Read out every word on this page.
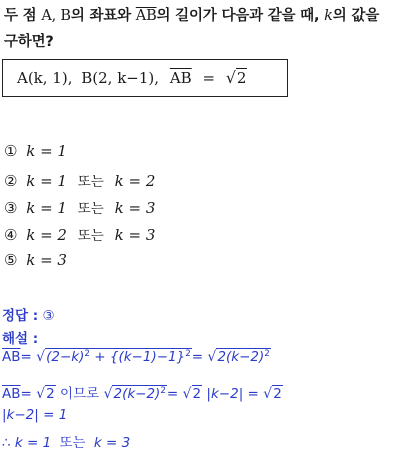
두 점 A, B의 좌표와 $\overline{AB}$의 길이가 다음과 같을 때, k의 값을
구하면?
A(k, 1), B(2, k−1), $\overline{AB} = √2$
① k = 1
② k = 1 또는 k = 2
③ k = 1 또는 k = 3
④ k = 2 또는 k = 3
⑤ k = 3
정답 : ③
해설 :
$\overline{AB}= √(2-k)^2 + \{(k-1)-1\}^2= √2(k-2)^2$
$\overline{AB}= √2$ 이므로 $√2(k-2)^2= √2$ |k−2| = √2
|k−2| = 1
∴ k = 1 또는 k = 3
